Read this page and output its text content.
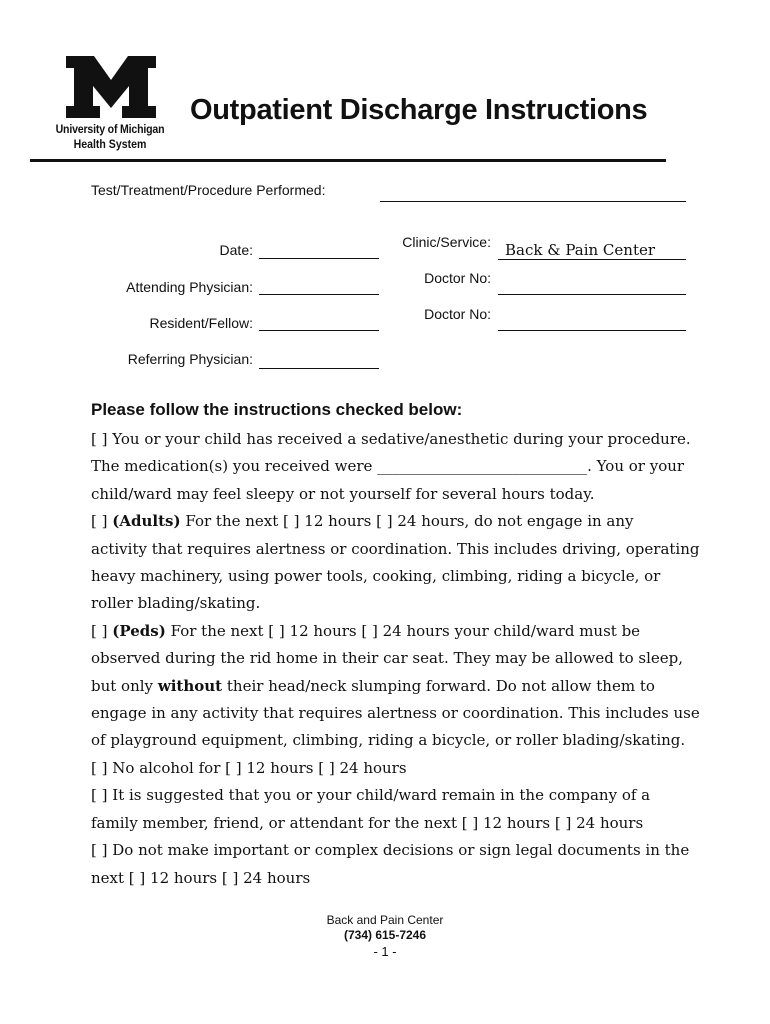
University of Michigan
Health System
Outpatient Discharge Instructions
Test/Treatment/Procedure Performed:
Date:
Attending Physician:
Resident/Fellow:
Referring Physician:
Clinic/Service: Back & Pain Center
Doctor No:
Doctor No:
Please follow the instructions checked below:

[ ] You or your child has received a sedative/anesthetic during your procedure.

The medication(s) you received were ____________________________. You or your

child/ward may feel sleepy or not yourself for several hours today.

[ ] (Adults) For the next [ ] 12 hours [ ] 24 hours, do not engage in any

activity that requires alertness or coordination. This includes driving, operating

heavy machinery, using power tools, cooking, climbing, riding a bicycle, or

roller blading/skating.

[ ] (Peds) For the next [ ] 12 hours [ ] 24 hours your child/ward must be

observed during the rid home in their car seat. They may be allowed to sleep,

but only without their head/neck slumping forward. Do not allow them to

engage in any activity that requires alertness or coordination. This includes use

of playground equipment, climbing, riding a bicycle, or roller blading/skating.

[ ] No alcohol for [ ] 12 hours [ ] 24 hours

[ ] It is suggested that you or your child/ward remain in the company of a

family member, friend, or attendant for the next [ ] 12 hours [ ] 24 hours

[ ] Do not make important or complex decisions or sign legal documents in the

next [ ] 12 hours [ ] 24 hours

Back and Pain Center
(734) 615-7246
- 1 -
